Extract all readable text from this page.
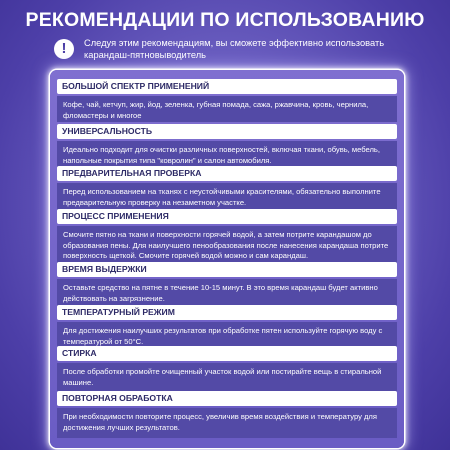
РЕКОМЕНДАЦИИ ПО ИСПОЛЬЗОВАНИЮ
!	Следуя этим рекомендациям, вы сможете эффективно использовать карандаш-пятновыводитель
БОЛЬШОЙ СПЕКТР ПРИМЕНЕНИЙ
Кофе, чай, кетчуп, жир, йод, зеленка, губная помада, сажа, ржавчина, кровь, чернила, фломастеры и многое
УНИВЕРСАЛЬНОСТЬ
Идеально подходит для очистки различных поверхностей, включая ткани, обувь, мебель, напольные покрытия типа "ковролин" и салон автомобиля.
ПРЕДВАРИТЕЛЬНАЯ ПРОВЕРКА
Перед использованием на тканях с неустойчивыми красителями, обязательно выполните предварительную проверку на незаметном участке.
ПРОЦЕСС ПРИМЕНЕНИЯ
Смочите пятно на ткани и поверхности горячей водой, а затем потрите карандашом до образования пены. Для наилучшего пенообразования после нанесения карандаша потрите поверхность щеткой. Смочите горячей водой можно и сам карандаш.
ВРЕМЯ ВЫДЕРЖКИ
Оставьте средство на пятне в течение 10-15 минут. В это время карандаш будет активно действовать на загрязнение.
ТЕМПЕРАТУРНЫЙ РЕЖИМ
Для достижения наилучших результатов при обработке пятен используйте горячую воду с температурой от 50°C.
СТИРКА
После обработки промойте очищенный участок водой или постирайте вещь в стиральной машине.
ПОВТОРНАЯ ОБРАБОТКА
При необходимости повторите процесс, увеличив время воздействия и температуру для достижения лучших результатов.
